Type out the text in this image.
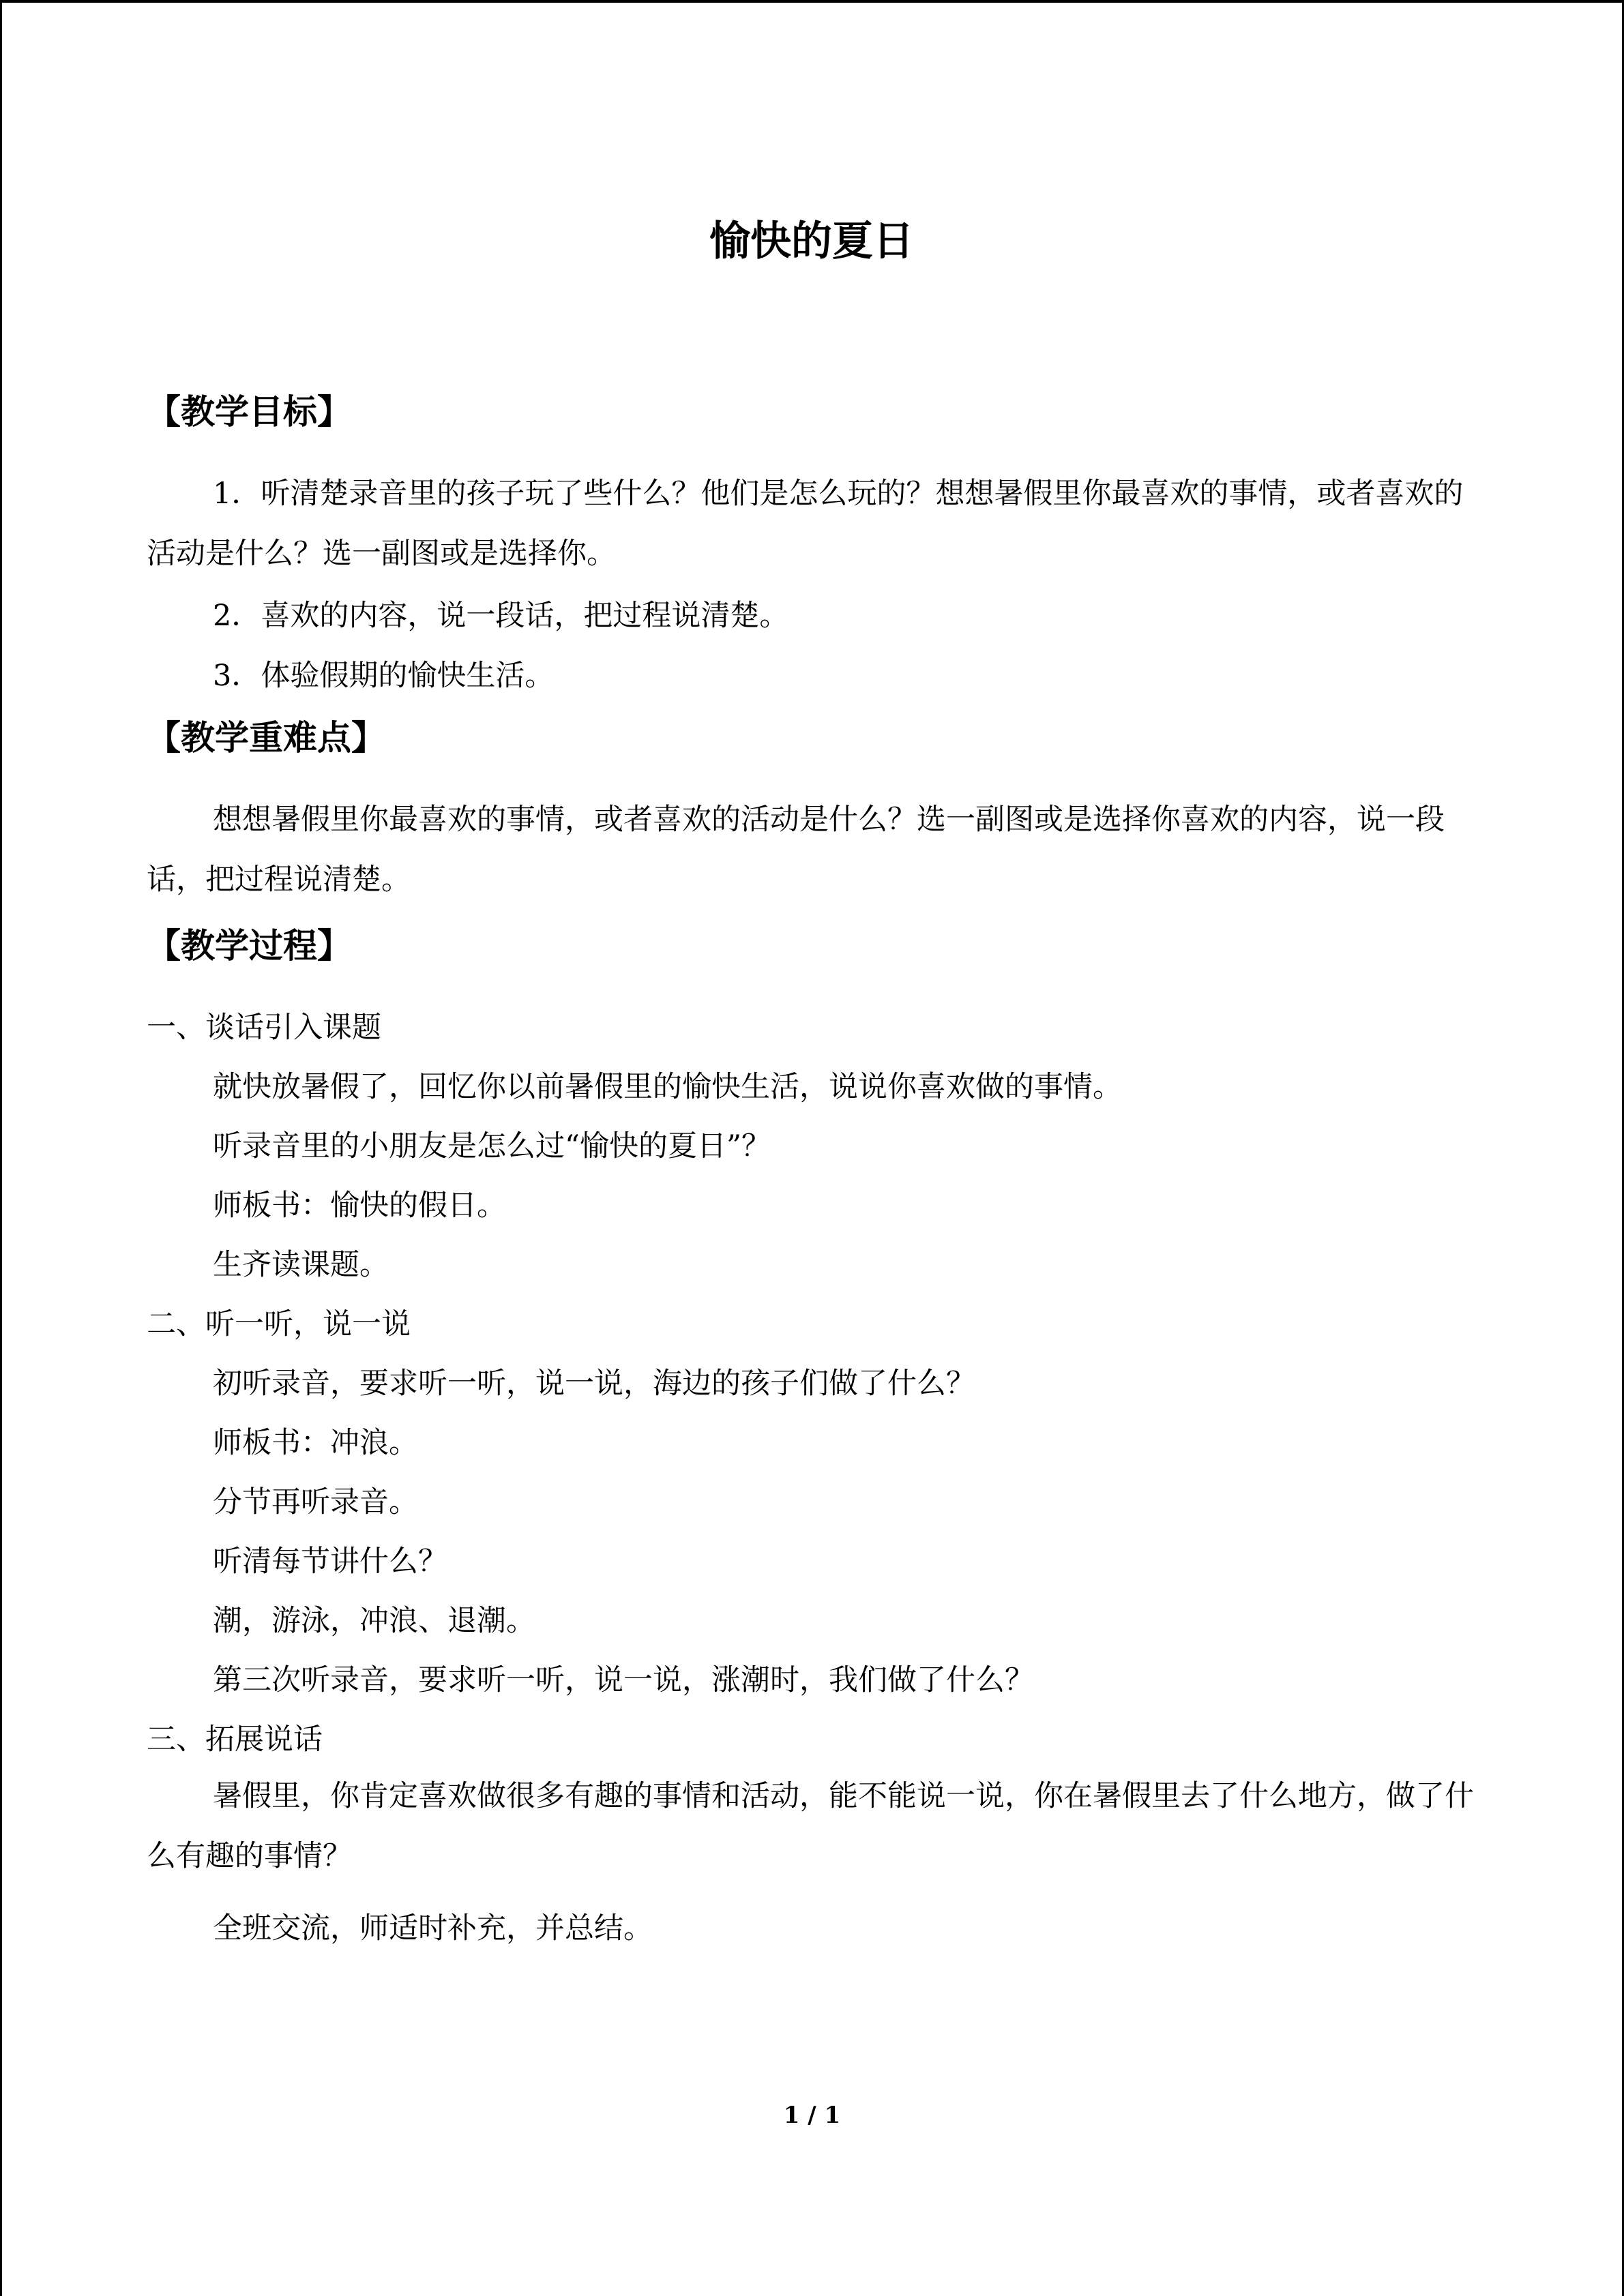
愉快的夏日
【教学目标】

1．听清楚录音里的孩子玩了些什么？他们是怎么玩的？想想暑假里你最喜欢的事情，或者喜欢的活动是什么？选一副图或是选择你。

2．喜欢的内容，说一段话，把过程说清楚。
3．体验假期的愉快生活。
【教学重难点】

想想暑假里你最喜欢的事情，或者喜欢的活动是什么？选一副图或是选择你喜欢的内容，说一段话，把过程说清楚。

【教学过程】
一、谈话引入课题
就快放暑假了，回忆你以前暑假里的愉快生活，说说你喜欢做的事情。
听录音里的小朋友是怎么过“愉快的夏日”？
师板书：愉快的假日。
生齐读课题。
二、听一听，说一说
初听录音，要求听一听，说一说，海边的孩子们做了什么？
师板书：冲浪。
分节再听录音。
听清每节讲什么？
潮，游泳，冲浪、退潮。
第三次听录音，要求听一听，说一说，涨潮时，我们做了什么？
三、拓展说话

暑假里，你肯定喜欢做很多有趣的事情和活动，能不能说一说，你在暑假里去了什么地方，做了什么有趣的事情？

全班交流，师适时补充，并总结。
1 / 1
